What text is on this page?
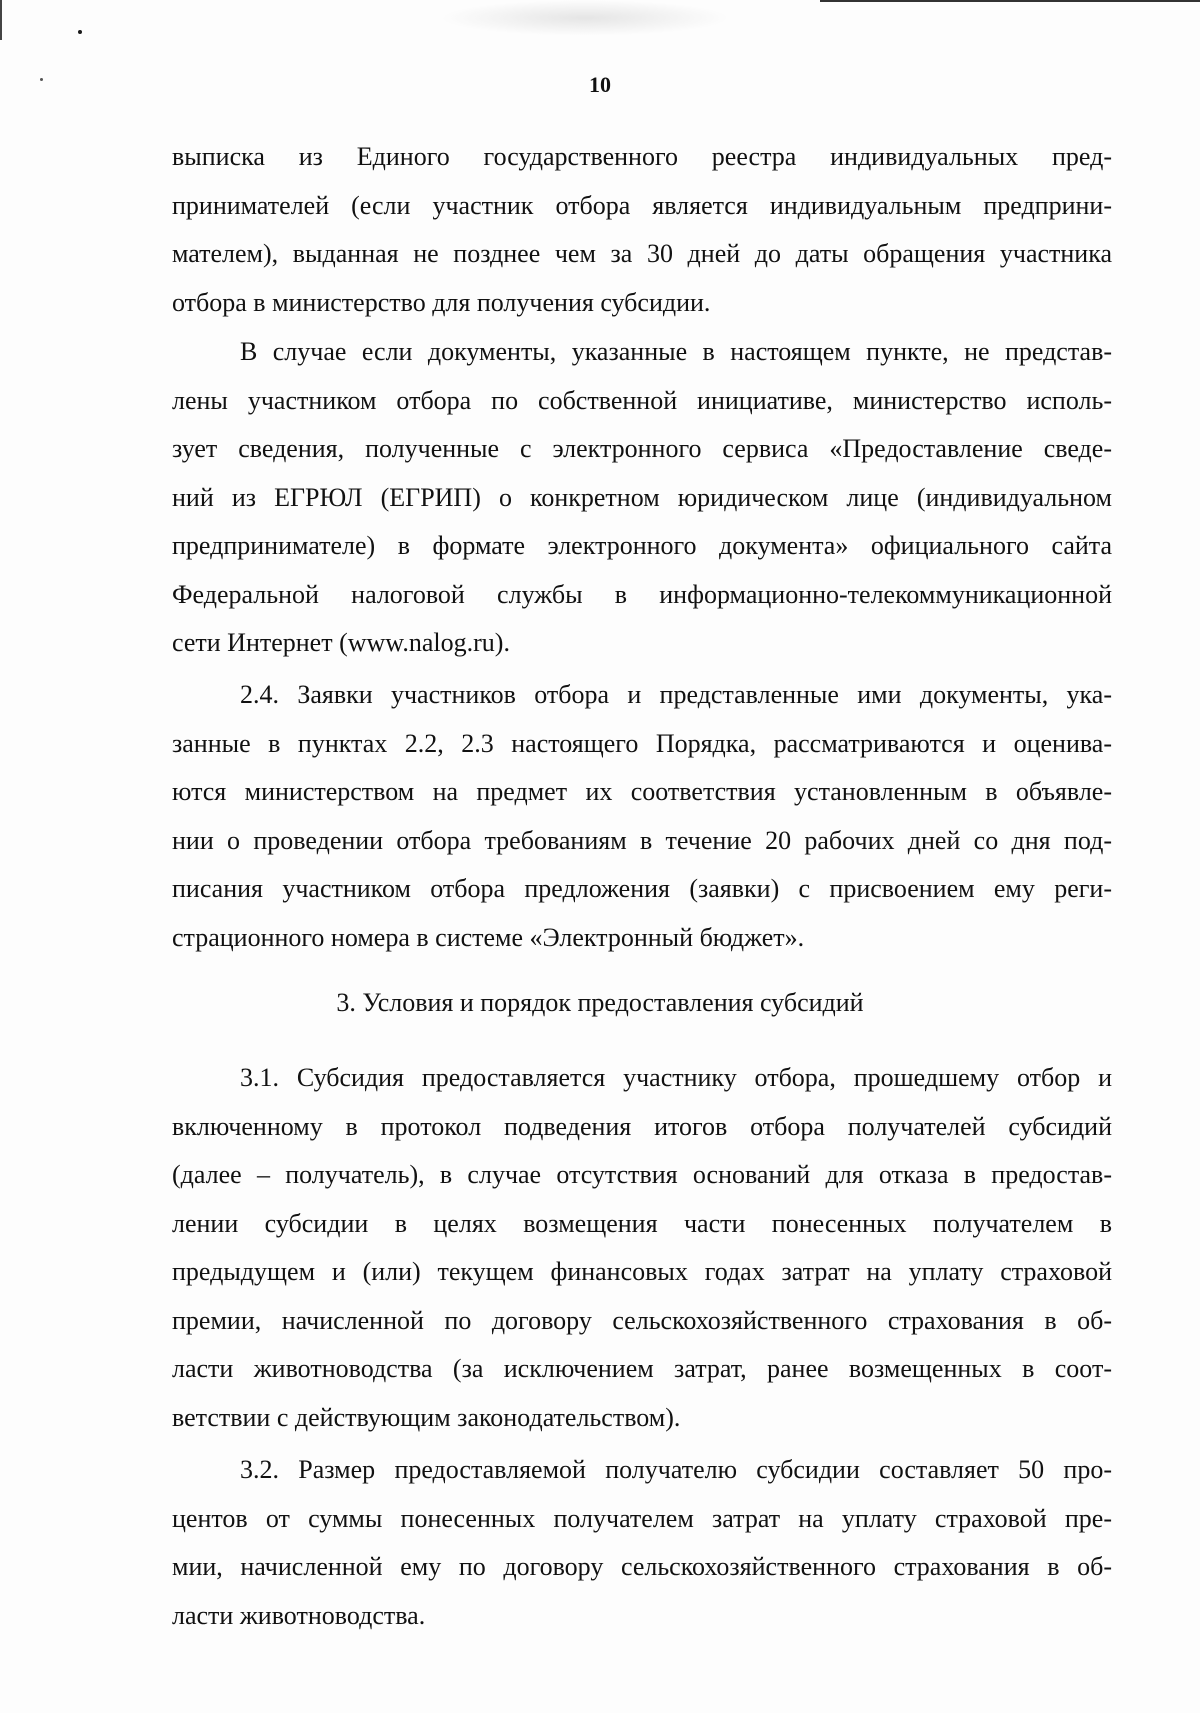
10
выписка из Единого государственного реестра индивидуальных пред-
принимателей (если участник отбора является индивидуальным предприни-
мателем), выданная не позднее чем за 30 дней до даты обращения участника
отбора в министерство для получения субсидии.
В случае если документы, указанные в настоящем пункте, не представ-
лены участником отбора по собственной инициативе, министерство исполь-
зует сведения, полученные с электронного сервиса «Предоставление сведе-
ний из ЕГРЮЛ (ЕГРИП) о конкретном юридическом лице (индивидуальном
предпринимателе) в формате электронного документа» официального сайта
Федеральной налоговой службы в информационно-телекоммуникационной
сети Интернет (www.nalog.ru).
2.4. Заявки участников отбора и представленные ими документы, ука-
занные в пунктах 2.2, 2.3 настоящего Порядка, рассматриваются и оценива-
ются министерством на предмет их соответствия установленным в объявле-
нии о проведении отбора требованиям в течение 20 рабочих дней со дня под-
писания участником отбора предложения (заявки) с присвоением ему реги-
страционного номера в системе «Электронный бюджет».
3. Условия и порядок предоставления субсидий
3.1. Субсидия предоставляется участнику отбора, прошедшему отбор и
включенному в протокол подведения итогов отбора получателей субсидий
(далее – получатель), в случае отсутствия оснований для отказа в предостав-
лении субсидии в целях возмещения части понесенных получателем в
предыдущем и (или) текущем финансовых годах затрат на уплату страховой
премии, начисленной по договору сельскохозяйственного страхования в об-
ласти животноводства (за исключением затрат, ранее возмещенных в соот-
ветствии с действующим законодательством).
3.2. Размер предоставляемой получателю субсидии составляет 50 про-
центов от суммы понесенных получателем затрат на уплату страховой пре-
мии, начисленной ему по договору сельскохозяйственного страхования в об-
ласти животноводства.
